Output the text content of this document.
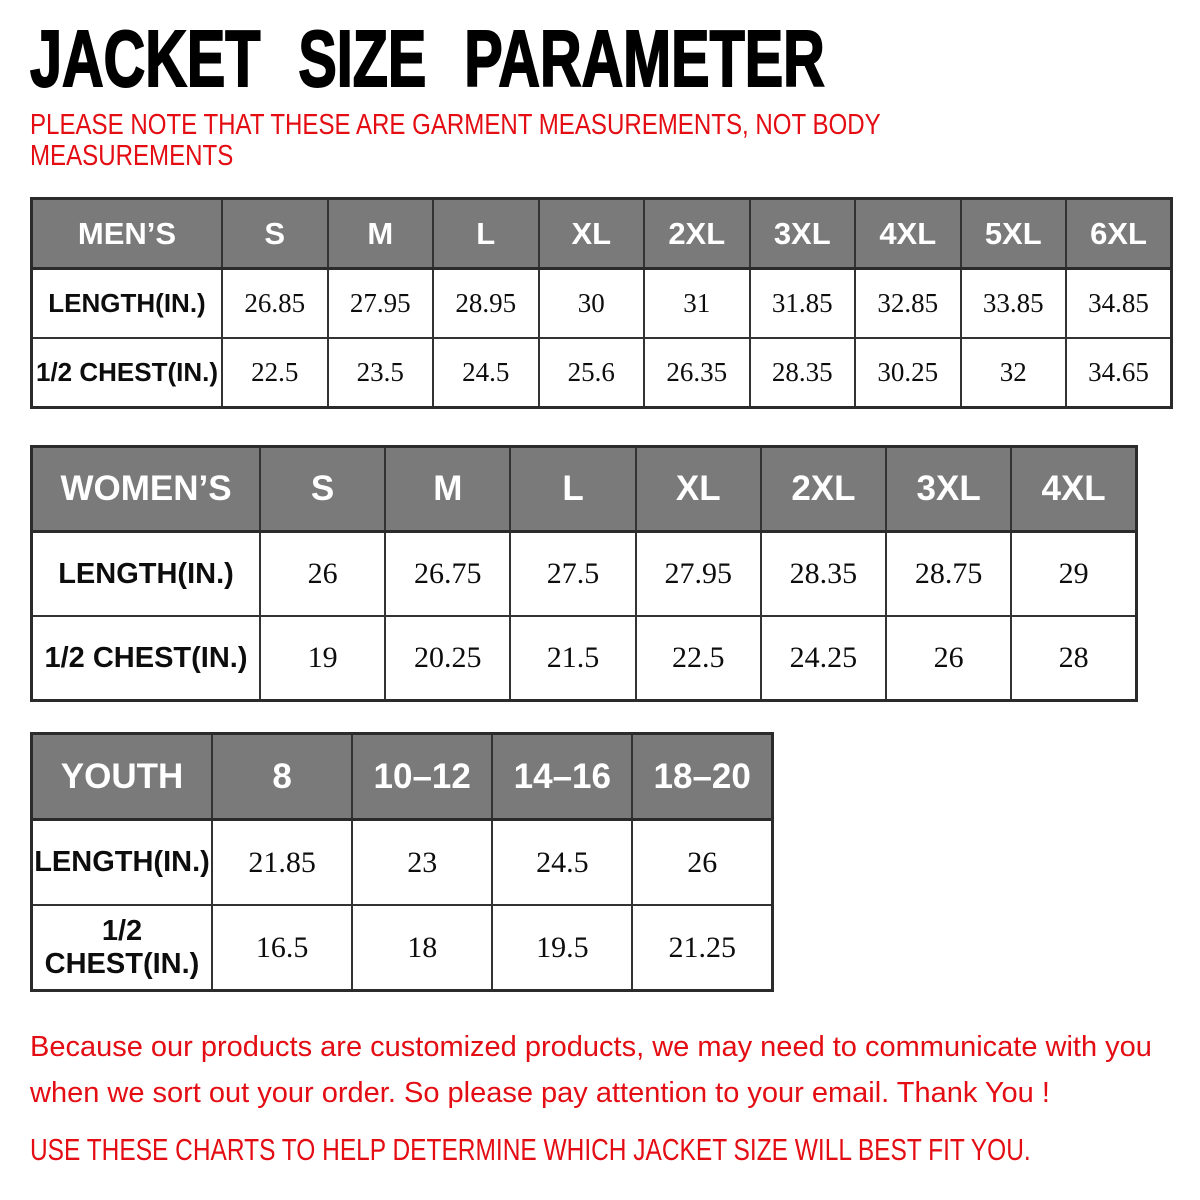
JACKET SIZE PARAMETER

PLEASE NOTE THAT THESE ARE GARMENT MEASUREMENTS, NOT BODY MEASUREMENTS

MEN’S	S	M	L	XL	2XL	3XL	4XL	5XL	6XL
LENGTH(IN.)	26.85	27.95	28.95	30	31	31.85	32.85	33.85	34.85
1/2 CHEST(IN.)	22.5	23.5	24.5	25.6	26.35	28.35	30.25	32	34.65
WOMEN’S	S	M	L	XL	2XL	3XL	4XL
LENGTH(IN.)	26	26.75	27.5	27.95	28.35	28.75	29
1/2 CHEST(IN.)	19	20.25	21.5	22.5	24.25	26	28
YOUTH	8	10–12	14–16	18–20
LENGTH(IN.)	21.85	23	24.5	26
1/2 CHEST(IN.)	16.5	18	19.5	21.25

Because our products are customized products, we may need to communicate with you when we sort out your order. So please pay attention to your email. Thank You !

USE THESE CHARTS TO HELP DETERMINE WHICH JACKET SIZE WILL BEST FIT YOU.
